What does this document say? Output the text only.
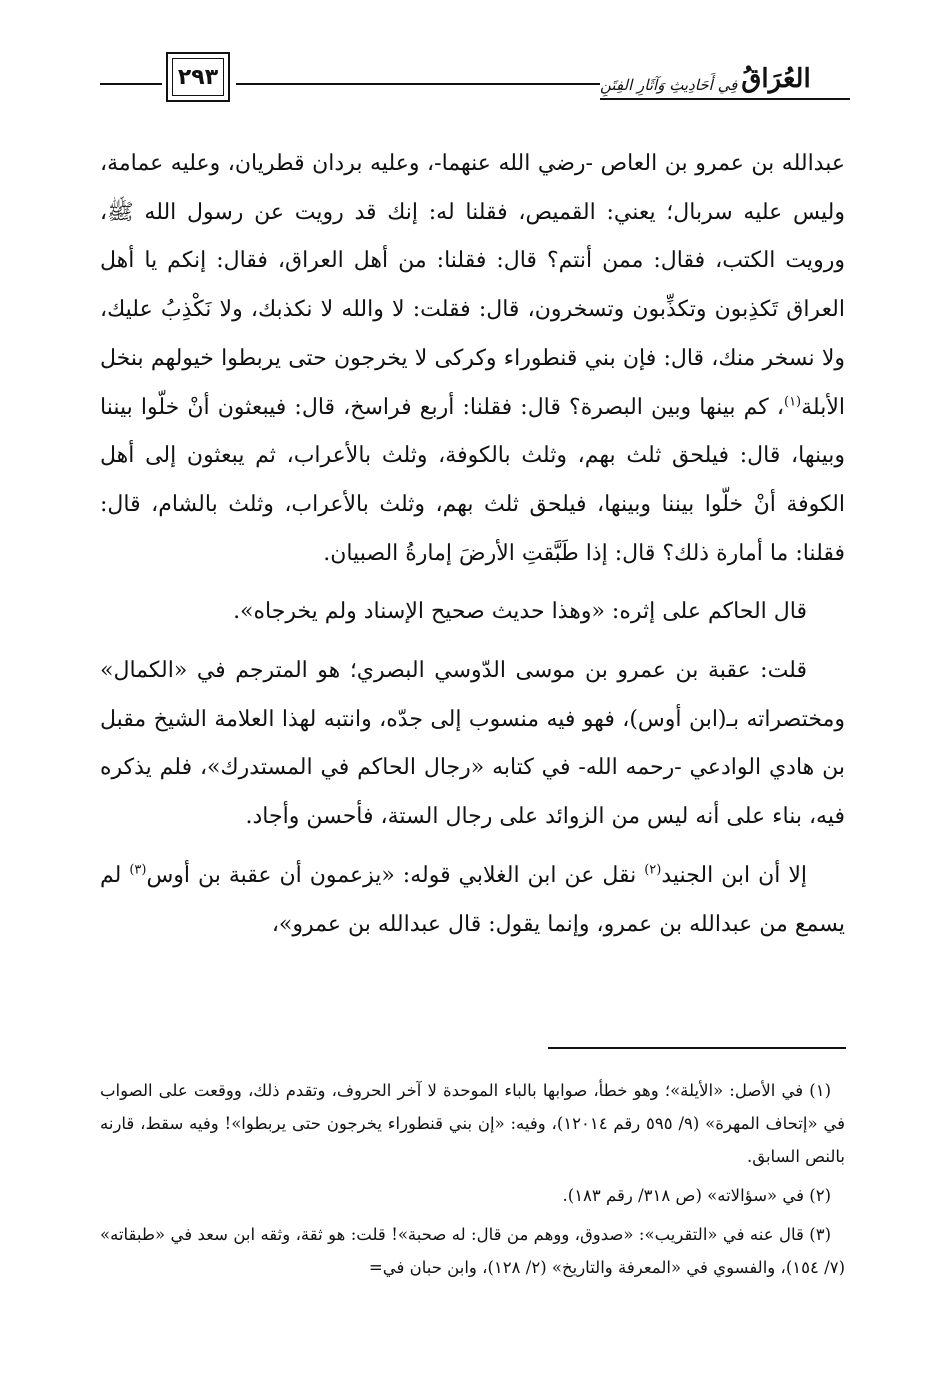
٢٩٣	العُرَاقُ
فِي أَحَادِيثِ وَآثَارِ الفِتَنِ

عبدالله بن عمرو بن العاص -رضي الله عنهما-، وعليه بردان قطريان، وعليه عمامة، وليس عليه سربال؛ يعني: القميص، فقلنا له: إنك قد رويت عن رسول الله ﷺ، ورويت الكتب، فقال: ممن أنتم؟ قال: فقلنا: من أهل العراق، فقال: إنكم يا أهل العراق تَكذِبون وتكذِّبون وتسخرون، قال: فقلت: لا والله لا نكذبك، ولا نَكْذِبُ عليك، ولا نسخر منك، قال: فإن بني قنطوراء وكركى لا يخرجون حتى يربطوا خيولهم بنخل الأبلة$^{(١)}$، كم بينها وبين البصرة؟ قال: فقلنا: أربع فراسخ، قال: فيبعثون أنْ خلّوا بيننا وبينها، قال: فيلحق ثلث بهم، وثلث بالكوفة، وثلث بالأعراب، ثم يبعثون إلى أهل الكوفة أنْ خلّوا بيننا وبينها، فيلحق ثلث بهم، وثلث بالأعراب، وثلث بالشام، قال: فقلنا: ما أمارة ذلك؟ قال: إذا طَبَّقتِ الأرضَ إمارةُ الصبيان.

قال الحاكم على إثره: «وهذا حديث صحيح الإسناد ولم يخرجاه».

قلت: عقبة بن عمرو بن موسى الدّوسي البصري؛ هو المترجم في «الكمال» ومختصراته بـ(ابن أوس)، فهو فيه منسوب إلى جدّه، وانتبه لهذا العلامة الشيخ مقبل بن هادي الوادعي -رحمه الله- في كتابه «رجال الحاكم في المستدرك»، فلم يذكره فيه، بناء على أنه ليس من الزوائد على رجال الستة، فأحسن وأجاد.

إلا أن ابن الجنيد$^{(٢)}$ نقل عن ابن الغلابي قوله: «يزعمون أن عقبة بن أوس$^{(٣)}$ لم يسمع من عبدالله بن عمرو، وإنما يقول: قال عبدالله بن عمرو»،

(١) في الأصل: «الأيلة»؛ وهو خطأ، صوابها بالباء الموحدة لا آخر الحروف، وتقدم ذلك، ووقعت على الصواب في «إتحاف المهرة» (٩/ ٥٩٥ رقم ١٢٠١٤)، وفيه: «إن بني قنطوراء يخرجون حتى يربطوا»! وفيه سقط، قارنه بالنص السابق.

(٢) في «سؤالاته» (ص ٣١٨/ رقم ١٨٣).

(٣) قال عنه في «التقريب»: «صدوق، ووهم من قال: له صحبة»! قلت: هو ثقة، وثقه ابن سعد في «طبقاته» (٧/ ١٥٤)، والفسوي في «المعرفة والتاريخ» (٢/ ١٢٨)، وابن حبان في=
